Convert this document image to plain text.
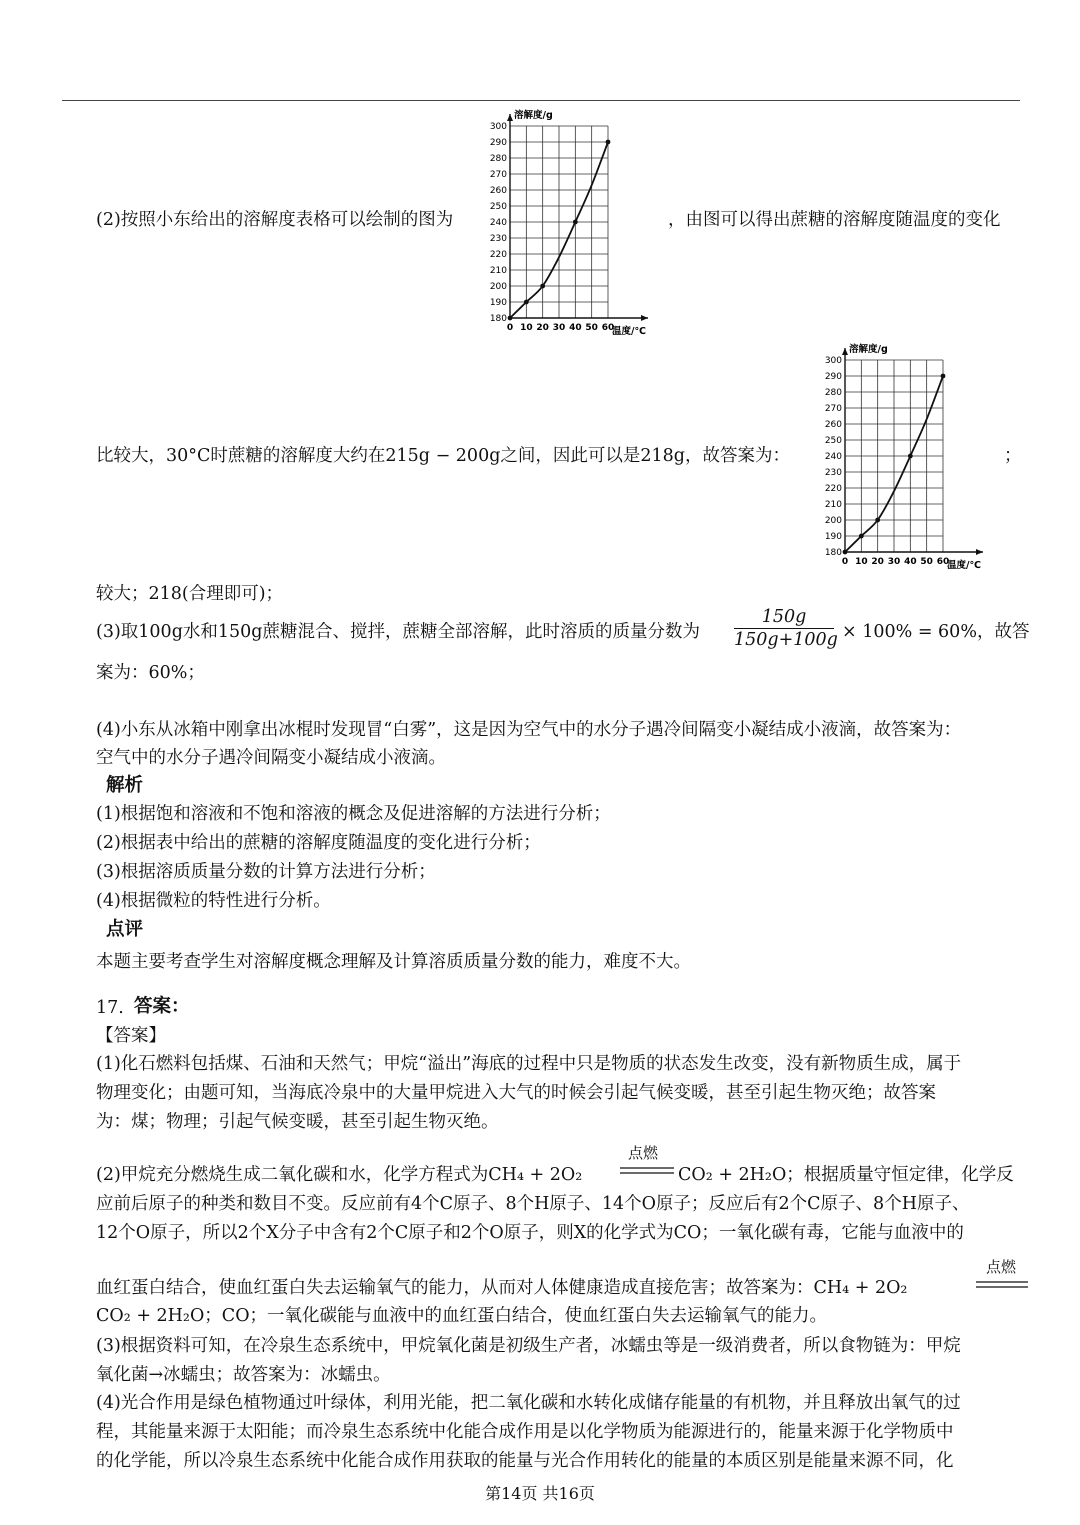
(2)按照小东给出的溶解度表格可以绘制的图为	，由图可以得出蔗糖的溶解度随温度的变化
180
190
200
210
220
230
240
250
260
270
280
290
300
溶解度/g
温度/℃
0 10 20 30 40 50 60
比较大，30°C时蔗糖的溶解度大约在215g − 200g之间，因此可以是218g，故答案为：	；
180
190
200
210
220
230
240
250
260
270
280
290
300
溶解度/g
温度/℃
0 10 20 30 40 50 60
较大；218(合理即可)；
(3)取100g水和150g蔗糖混合、搅拌，蔗糖全部溶解，此时溶质的质量分数为 $\frac{150g}{150g+100g} \times 100\% = 60\%$，故答
案为：60%；
(4)小东从冰箱中刚拿出冰棍时发现冒“白雾”，这是因为空气中的水分子遇冷间隔变小凝结成小液滴，故答案为：
空气中的水分子遇冷间隔变小凝结成小液滴。
解析
(1)根据饱和溶液和不饱和溶液的概念及促进溶解的方法进行分析；
(2)根据表中给出的蔗糖的溶解度随温度的变化进行分析；
(3)根据溶质质量分数的计算方法进行分析；
(4)根据微粒的特性进行分析。
点评
本题主要考查学生对溶解度概念理解及计算溶质质量分数的能力，难度不大。
17. 答案：
【答案】
(1)化石燃料包括煤、石油和天然气；甲烷“溢出”海底的过程中只是物质的状态发生改变，没有新物质生成，属于
物理变化；由题可知，当海底冷泉中的大量甲烷进入大气的时候会引起气候变暖，甚至引起生物灭绝；故答案
为：煤；物理；引起气候变暖，甚至引起生物灭绝。
(2)甲烷充分燃烧生成二氧化碳和水，化学方程式为CH₄ + 2O₂
点燃
CO₂ + 2H₂O；根据质量守恒定律，化学反
应前后原子的种类和数目不变。反应前有4个C原子、8个H原子、14个O原子；反应后有2个C原子、8个H原子、
12个O原子，所以2个X分子中含有2个C原子和2个O原子，则X的化学式为CO；一氧化碳有毒，它能与血液中的
血红蛋白结合，使血红蛋白失去运输氧气的能力，从而对人体健康造成直接危害；故答案为：CH₄ + 2O₂
点燃
CO₂ + 2H₂O；CO；一氧化碳能与血液中的血红蛋白结合，使血红蛋白失去运输氧气的能力。
(3)根据资料可知，在冷泉生态系统中，甲烷氧化菌是初级生产者，冰蠕虫等是一级消费者，所以食物链为：甲烷
氧化菌→冰蠕虫；故答案为：冰蠕虫。
(4)光合作用是绿色植物通过叶绿体，利用光能，把二氧化碳和水转化成储存能量的有机物，并且释放出氧气的过
程，其能量来源于太阳能；而冷泉生态系统中化能合成作用是以化学物质为能源进行的，能量来源于化学物质中
的化学能，所以冷泉生态系统中化能合成作用获取的能量与光合作用转化的能量的本质区别是能量来源不同，化
第14页 共16页
